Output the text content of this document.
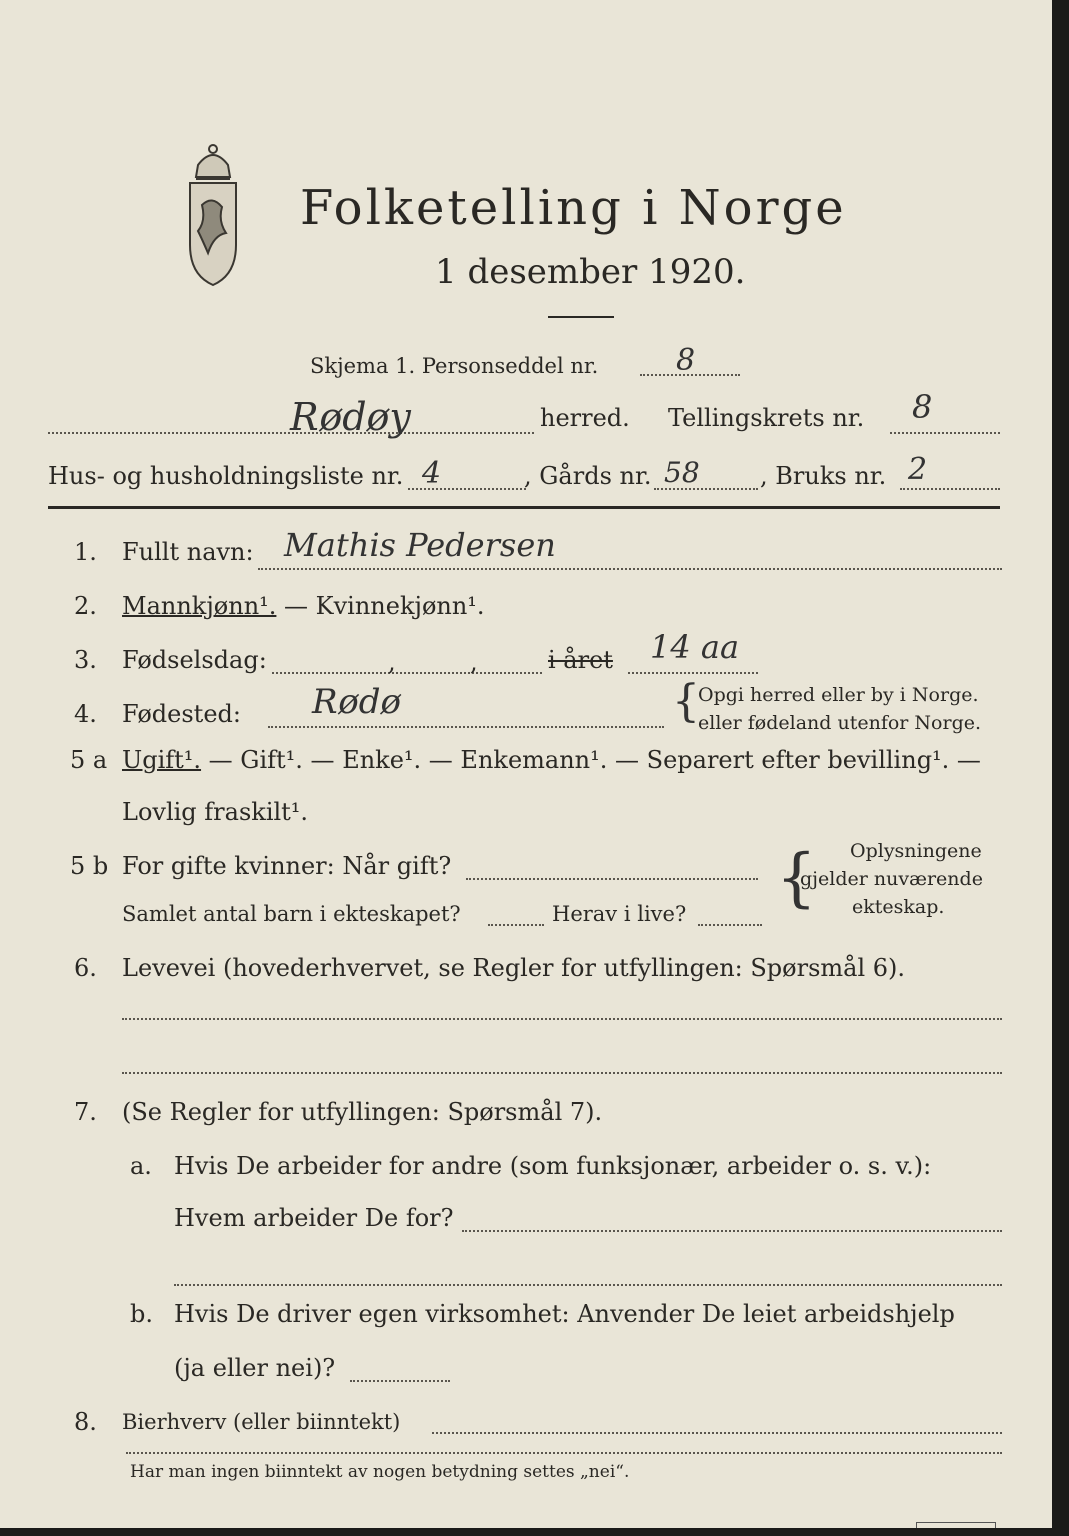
Folketelling i Norge
1 desember 1920.
Skjema 1. Personseddel nr.	8
Rødøy	herred. Tellingskrets nr. 8
Hus- og husholdningsliste nr. 4	, Gårds nr. 58	, Bruks nr. 2
1. Fullt navn: Mathis Pedersen
2. Mannkjønn¹. — Kvinnekjønn¹.
3. Fødselsdag:	,	,	i året 14 aa
4. Fødested: Rødø	{
Opgi herred eller by i Norge.
eller fødeland utenfor Norge.
5 a Ugift¹. — Gift¹. — Enke¹. — Enkemann¹. — Separert efter bevilling¹. —
Lovlig fraskilt¹.
5 b For gifte kvinner: Når gift?
Samlet antal barn i ekteskapet?	Herav i live? { Oplysningene
gjelder nuværende
ekteskap.
6. Levevei (hovederhvervet, se Regler for utfyllingen: Spørsmål 6).
7. (Se Regler for utfyllingen: Spørsmål 7).
a. Hvis De arbeider for andre (som funksjonær, arbeider o. s. v.):
Hvem arbeider De for?
b. Hvis De driver egen virksomhet: Anvender De leiet arbeidshjelp
(ja eller nei)?
8. Bierhverv (eller biinntekt)
Har man ingen biinntekt av nogen betydning settes „nei“.
